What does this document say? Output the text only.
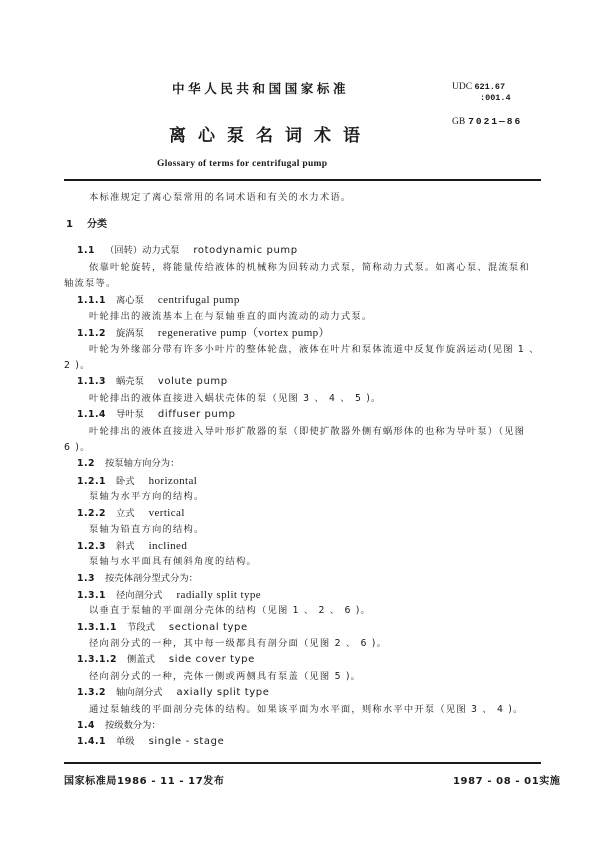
中华人民共和国国家标准
离心泵名词术语
Glossary of terms for centrifugal pump
UDC 621.67
:001.4
GB 7021—86
本标准规定了离心泵常用的名词术语和有关的水力术语。
1 分类
1.1 （回转）动力式泵 rotodynamic pump
依靠叶轮旋转，将能量传给液体的机械称为回转动力式泵，简称动力式泵。如离心泵、混流泵和
轴流泵等。
1.1.1 离心泵 centrifugal pump
叶轮排出的液流基本上在与泵轴垂直的面内流动的动力式泵。
1.1.2 旋涡泵 regenerative pump（vortex pump）
叶轮为外缘部分带有许多小叶片的整体轮盘，液体在叶片和泵体流道中反复作旋涡运动(见图 1 、
2 )。
1.1.3 蜗壳泵 volute pump
叶轮排出的液体直接进入蜗状壳体的泵（见图 3 、 4 、 5 )。
1.1.4 导叶泵 diffuser pump
叶轮排出的液体直接进入导叶形扩散器的泵（即使扩散器外侧有蜗形体的也称为导叶泵）（见图
6 )。
1.2 按泵轴方向分为：
1.2.1 卧式 horizontal
泵轴为水平方向的结构。
1.2.2 立式 vertical
泵轴为铅直方向的结构。
1.2.3 斜式 inclined
泵轴与水平面具有倾斜角度的结构。
1.3 按壳体剖分型式分为：
1.3.1 径向剖分式 radially split type
以垂直于泵轴的平面剖分壳体的结构（见图 1 、 2 、 6 )。
1.3.1.1 节段式 sectional type
径向剖分式的一种，其中每一级都具有剖分面（见图 2 、 6 )。
1.3.1.2 侧盖式 side cover type
径向剖分式的一种，壳体一侧或两侧具有泵盖（见图 5 )。
1.3.2 轴向剖分式 axially split type
通过泵轴线的平面剖分壳体的结构。如果该平面为水平面，则称水平中开泵（见图 3 、 4 )。
1.4 按级数分为：
1.4.1 单级 single - stage
国家标准局1986 - 11 - 17发布	1987 - 08 - 01实施
